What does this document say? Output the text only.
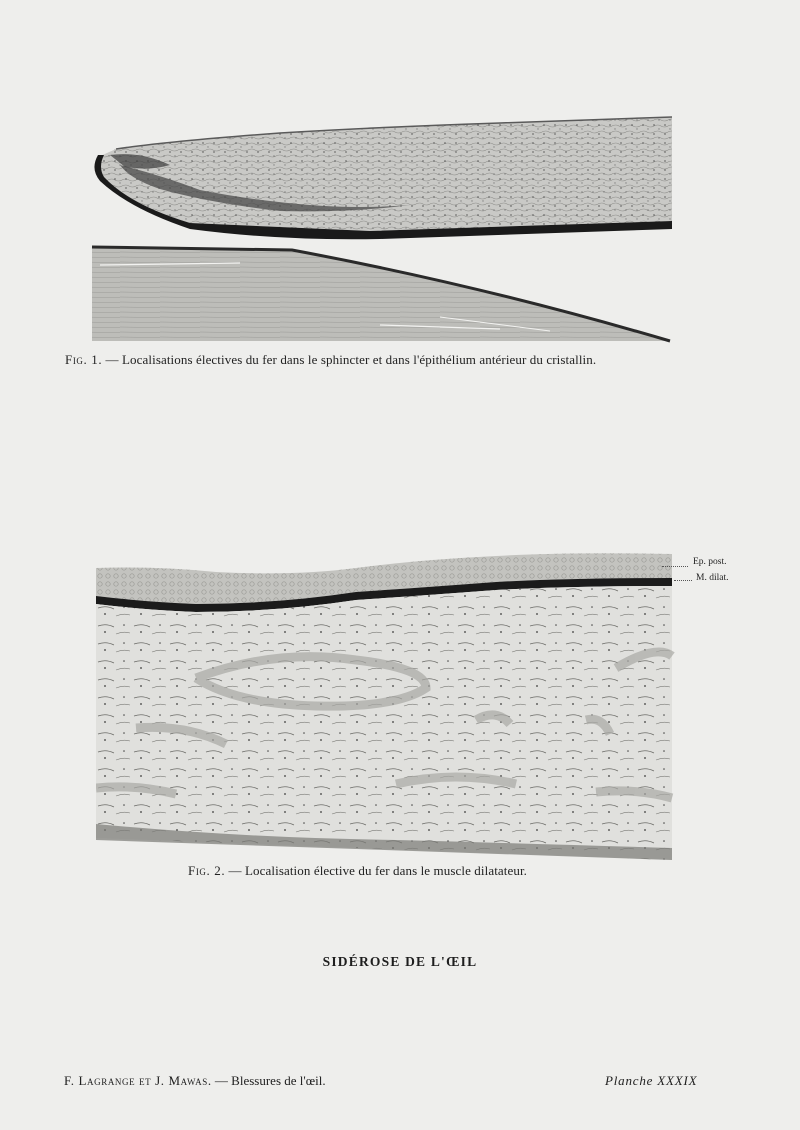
Fig. 1. — Localisations électives du fer dans le sphincter et dans l'épithélium antérieur du cristallin.
Ep. post.
M. dilat.
Fig. 2. — Localisation élective du fer dans le muscle dilatateur.
SIDÉROSE DE L'ŒIL
F. Lagrange et J. Mawas. — Blessures de l'œil.	Planche XXXIX
